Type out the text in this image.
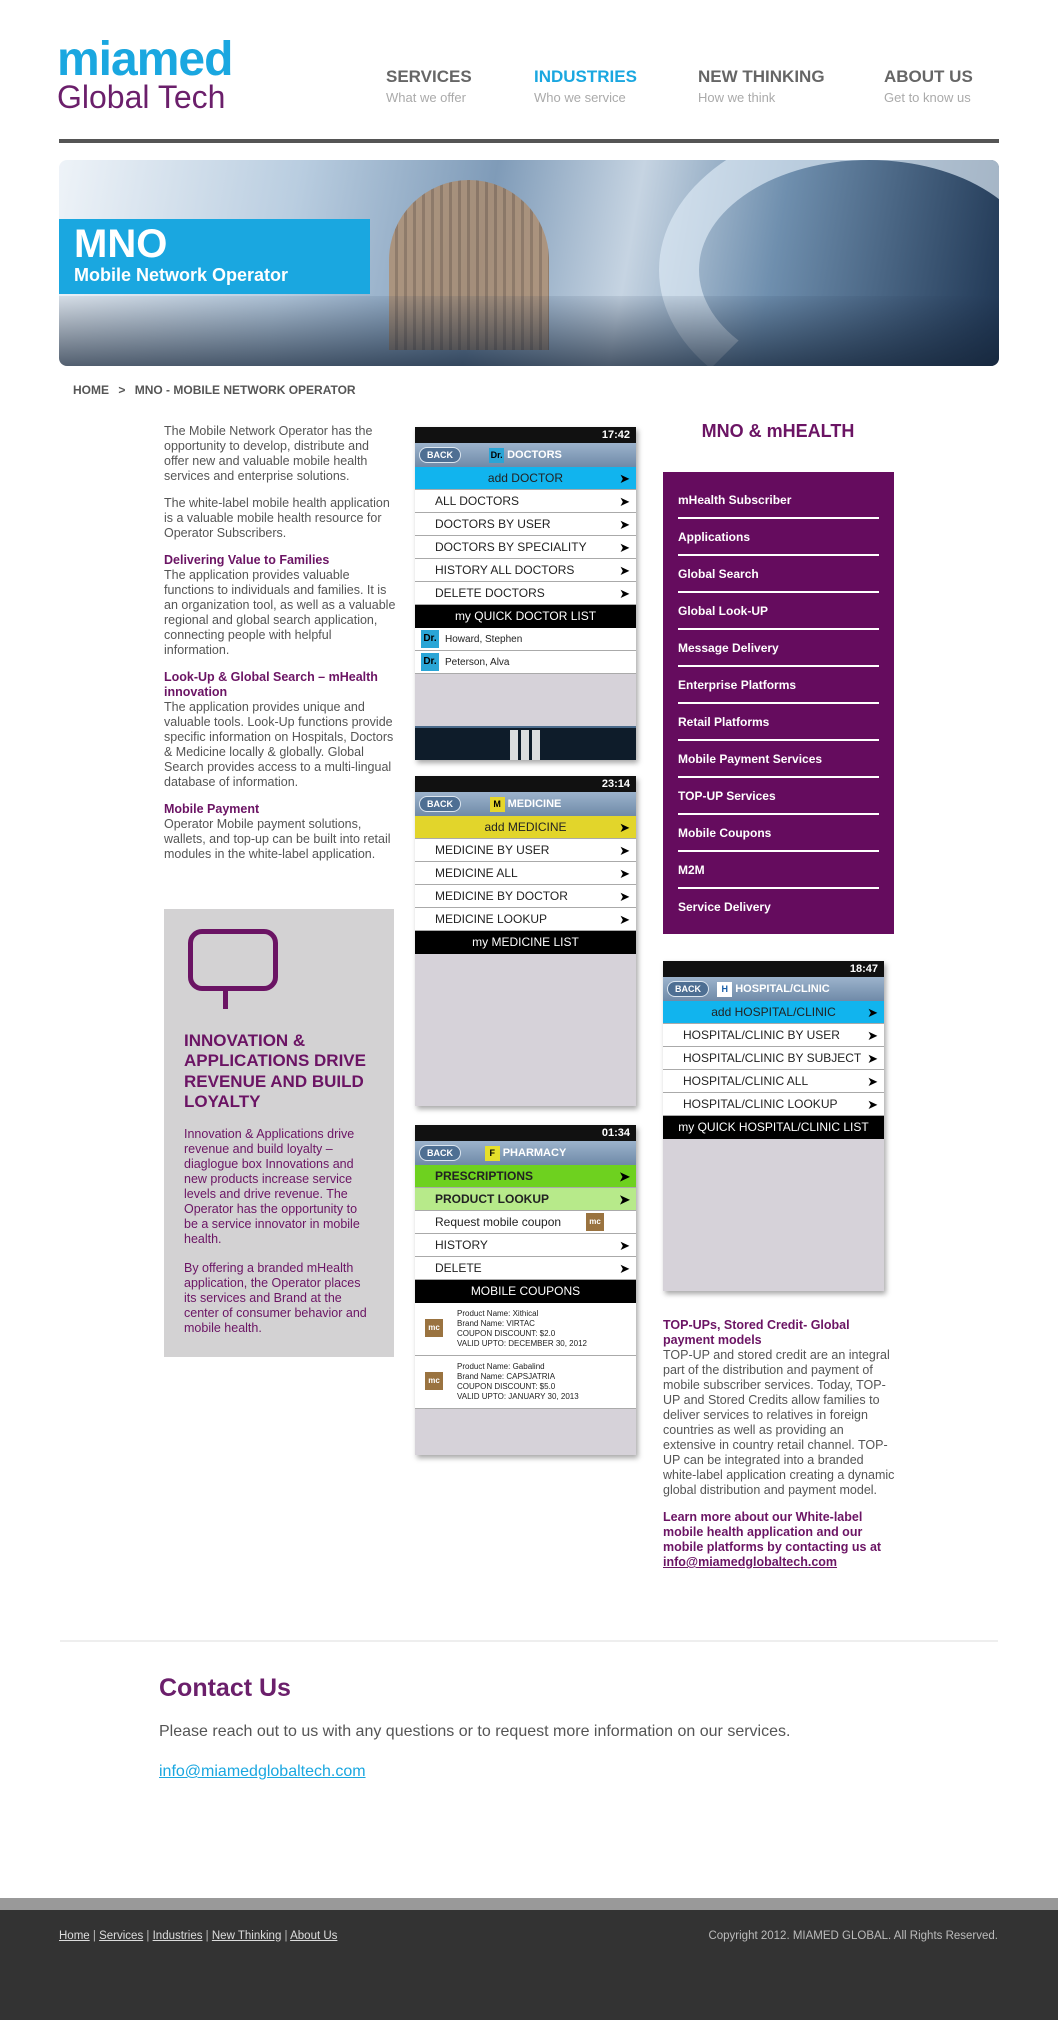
miamed
Global Tech
SERVICES
What we offer
INDUSTRIES
Who we service
NEW THINKING
How we think
ABOUT US
Get to know us
MNO
Mobile Network Operator
HOME > MNO - MOBILE NETWORK OPERATOR

The Mobile Network Operator has the opportunity to develop, distribute and offer new and valuable mobile health services and enterprise solutions.

The white-label mobile health application is a valuable mobile health resource for Operator Subscribers.

Delivering Value to Families

The application provides valuable functions to individuals and families. It is an organization tool, as well as a valuable regional and global search application, connecting people with helpful information.

Look-Up & Global Search – mHealth innovation

The application provides unique and valuable tools. Look-Up functions provide specific information on Hospitals, Doctors & Medicine locally & globally. Global Search provides access to a multi-lingual database of information.

Mobile Payment

Operator Mobile payment solutions, wallets, and top-up can be built into retail modules in the white-label application.

INNOVATION & APPLICATIONS DRIVE REVENUE AND BUILD LOYALTY

Innovation & Applications drive revenue and build loyalty – diaglogue box Innovations and new products increase service levels and drive revenue. The Operator has the opportunity to be a service innovator in mobile health.

By offering a branded mHealth application, the Operator places its services and Brand at the center of consumer behavior and mobile health.

17:42
BACK	Dr. DOCTORS
add DOCTOR ➤
ALL DOCTORS ➤
DOCTORS BY USER ➤
DOCTORS BY SPECIALITY ➤
HISTORY ALL DOCTORS ➤
DELETE DOCTORS ➤
my QUICK DOCTOR LIST
Dr. Howard, Stephen
Dr. Peterson, Alva
23:14
BACK	M MEDICINE
add MEDICINE ➤
MEDICINE BY USER ➤
MEDICINE ALL ➤
MEDICINE BY DOCTOR ➤
MEDICINE LOOKUP ➤
my MEDICINE LIST
01:34
BACK	F PHARMACY
PRESCRIPTIONS ➤
PRODUCT LOOKUP ➤
Request mobile coupon	mc
HISTORY ➤
DELETE ➤
MOBILE COUPONS
mc
Product Name: Xithical
Brand Name: VIRTAC
COUPON DISCOUNT: $2.0
VALID UPTO: DECEMBER 30, 2012
mc
Product Name: Gabalind
Brand Name: CAPSJATRIA
COUPON DISCOUNT: $5.0
VALID UPTO: JANUARY 30, 2013
MNO & mHEALTH
mHealth Subscriber
Applications
Global Search
Global Look-UP
Message Delivery
Enterprise Platforms
Retail Platforms
Mobile Payment Services
TOP-UP Services
Mobile Coupons
M2M
Service Delivery
18:47
BACK	H HOSPITAL/CLINIC
add HOSPITAL/CLINIC ➤
HOSPITAL/CLINIC BY USER ➤
HOSPITAL/CLINIC BY SUBJECT ➤
HOSPITAL/CLINIC ALL ➤
HOSPITAL/CLINIC LOOKUP ➤
my QUICK HOSPITAL/CLINIC LIST
TOP-UPs, Stored Credit- Global payment models

TOP-UP and stored credit are an integral part of the distribution and payment of mobile subscriber services. Today, TOP-UP and Stored Credits allow families to deliver services to relatives in foreign countries as well as providing an extensive in country retail channel. TOP-UP can be integrated into a branded white-label application creating a dynamic global distribution and payment model.

Learn more about our White-label mobile health application and our mobile platforms by contacting us at info@miamedglobaltech.com

Contact Us
Please reach out to us with any questions or to request more information on our services.
info@miamedglobaltech.com
Home | Services | Industries | New Thinking | About Us	Copyright 2012. MIAMED GLOBAL. All Rights Reserved.
